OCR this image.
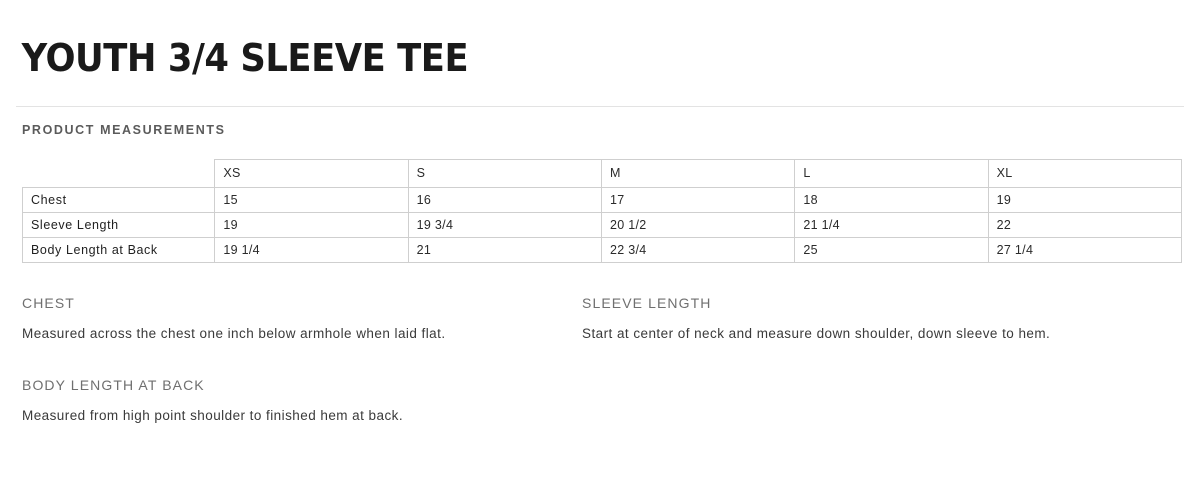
YOUTH 3/4 SLEEVE TEE
PRODUCT MEASUREMENTS
	XS	S	M	L	XL
Chest	15	16	17	18	19
Sleeve Length	19	19 3/4	20 1/2	21 1/4	22
Body Length at Back	19 1/4	21	22 3/4	25	27 1/4
CHEST
Measured across the chest one inch below armhole when laid flat.
SLEEVE LENGTH
Start at center of neck and measure down shoulder, down sleeve to hem.
BODY LENGTH AT BACK
Measured from high point shoulder to finished hem at back.
